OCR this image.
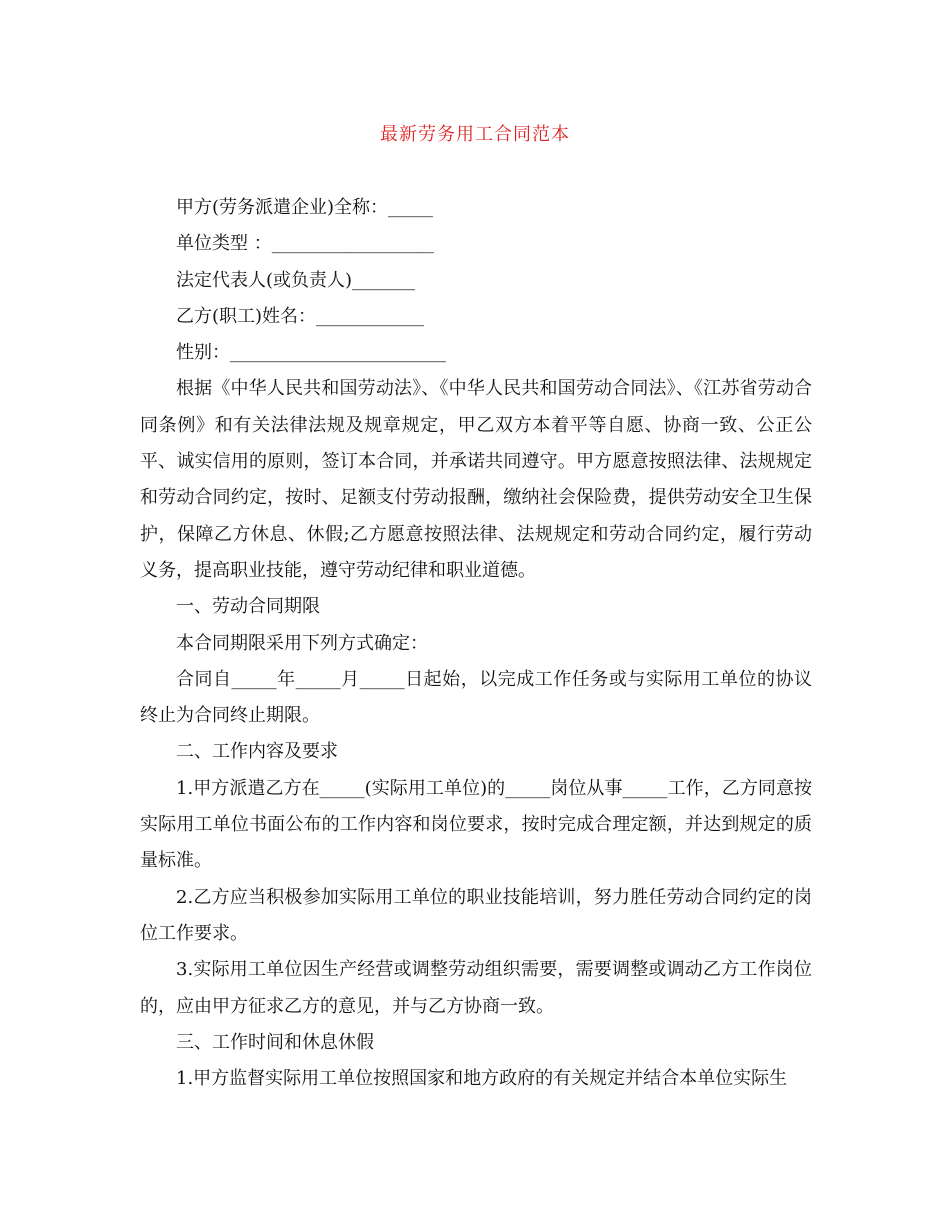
最新劳务用工合同范本

甲方(劳务派遣企业)全称：_____

单位类型 ：__________________

法定代表人(或负责人)_______

乙方(职工)姓名：____________

性别：________________________

根据《中华人民共和国劳动法》、《中华人民共和国劳动合同法》、《江苏省劳动合同条例》和有关法律法规及规章规定，甲乙双方本着平等自愿、协商一致、公正公平、诚实信用的原则，签订本合同，并承诺共同遵守。甲方愿意按照法律、法规规定和劳动合同约定，按时、足额支付劳动报酬，缴纳社会保险费，提供劳动安全卫生保护，保障乙方休息、休假;乙方愿意按照法律、法规规定和劳动合同约定，履行劳动义务，提高职业技能，遵守劳动纪律和职业道德。

一、劳动合同期限

本合同期限采用下列方式确定：

合同自_____年_____月_____日起始，以完成工作任务或与实际用工单位的协议终止为合同终止期限。

二、工作内容及要求

1.甲方派遣乙方在_____(实际用工单位)的_____岗位从事_____工作，乙方同意按实际用工单位书面公布的工作内容和岗位要求，按时完成合理定额，并达到规定的质量标准。

2.乙方应当积极参加实际用工单位的职业技能培训，努力胜任劳动合同约定的岗位工作要求。

3.实际用工单位因生产经营或调整劳动组织需要，需要调整或调动乙方工作岗位的，应由甲方征求乙方的意见，并与乙方协商一致。

三、工作时间和休息休假

1.甲方监督实际用工单位按照国家和地方政府的有关规定并结合本单位实际生
